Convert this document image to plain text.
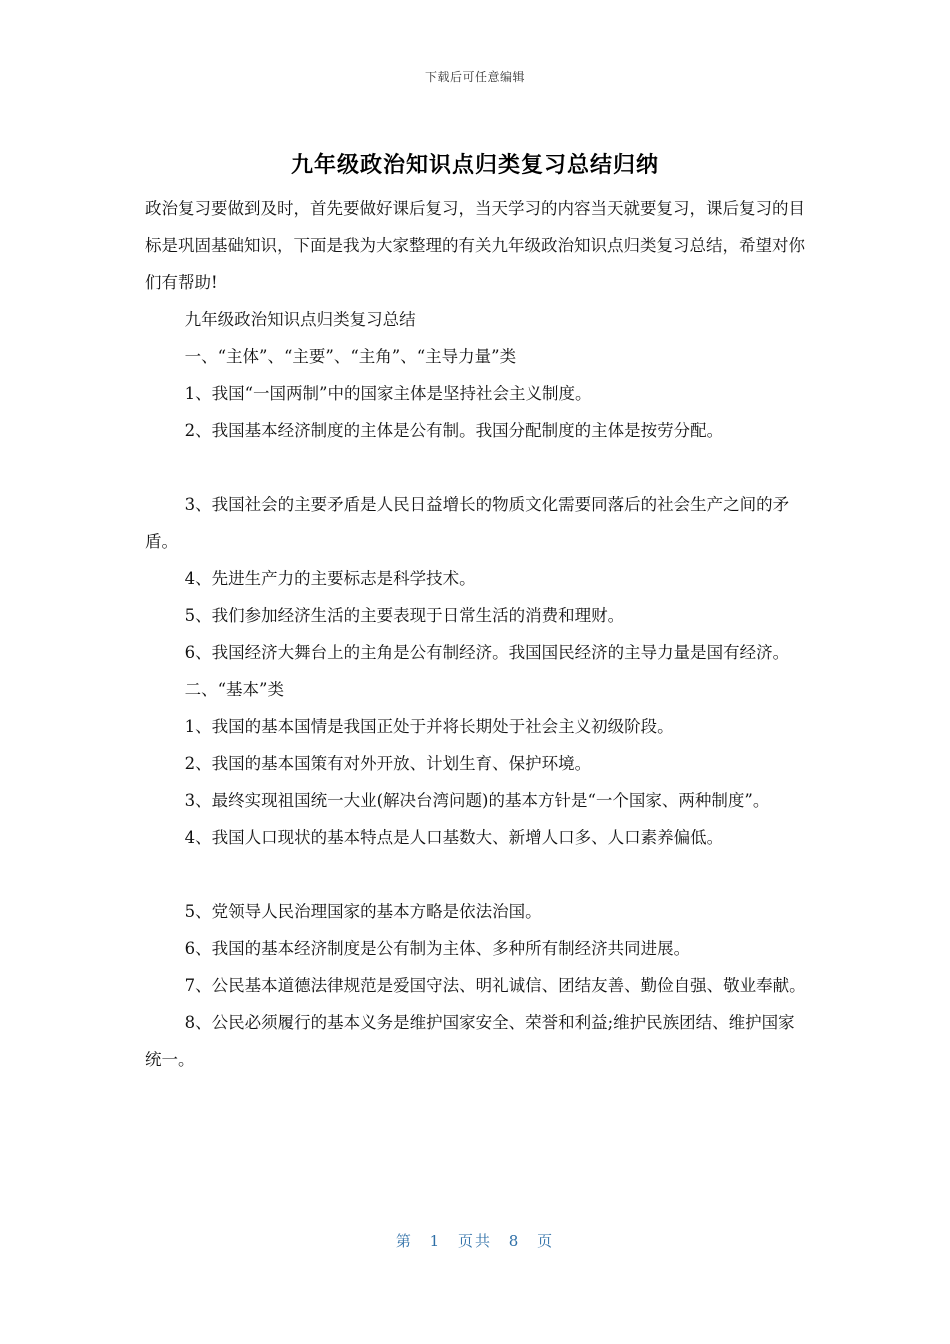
下载后可任意编辑
九年级政治知识点归类复习总结归纳

政治复习要做到及时，首先要做好课后复习，当天学习的内容当天就要复习，课后复习的目标是巩固基础知识，下面是我为大家整理的有关九年级政治知识点归类复习总结，希望对你们有帮助!

九年级政治知识点归类复习总结

一、“主体”、“主要”、“主角”、“主导力量”类

1、我国“一国两制”中的国家主体是坚持社会主义制度。

2、我国基本经济制度的主体是公有制。我国分配制度的主体是按劳分配。

3、我国社会的主要矛盾是人民日益增长的物质文化需要同落后的社会生产之间的矛盾。

4、先进生产力的主要标志是科学技术。

5、我们参加经济生活的主要表现于日常生活的消费和理财。

6、我国经济大舞台上的主角是公有制经济。我国国民经济的主导力量是国有经济。

二、“基本”类

1、我国的基本国情是我国正处于并将长期处于社会主义初级阶段。

2、我国的基本国策有对外开放、计划生育、保护环境。

3、最终实现祖国统一大业(解决台湾问题)的基本方针是“一个国家、两种制度”。

4、我国人口现状的基本特点是人口基数大、新增人口多、人口素养偏低。

5、党领导人民治理国家的基本方略是依法治国。

6、我国的基本经济制度是公有制为主体、多种所有制经济共同进展。

7、公民基本道德法律规范是爱国守法、明礼诚信、团结友善、勤俭自强、敬业奉献。

8、公民必须履行的基本义务是维护国家安全、荣誉和利益;维护民族团结、维护国家统一。

第 1 页共 8 页
